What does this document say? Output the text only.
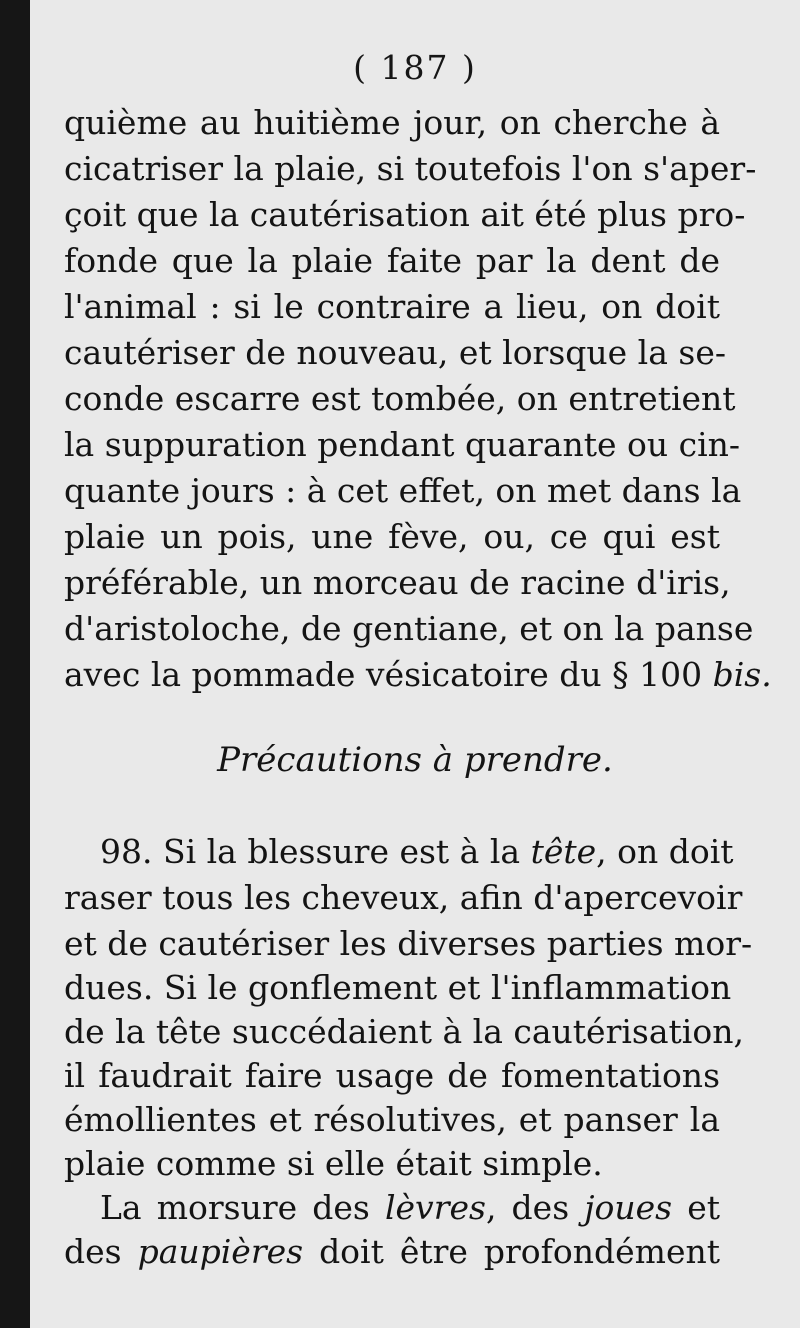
( 187 )
quième au huitième jour, on cherche à
cicatriser la plaie, si toutefois l'on s'aper-
çoit que la cautérisation ait été plus pro-
fonde que la plaie faite par la dent de
l'animal : si le contraire a lieu, on doit
cautériser de nouveau, et lorsque la se-
conde escarre est tombée, on entretient
la suppuration pendant quarante ou cin-
quante jours : à cet effet, on met dans la
plaie un pois, une fève, ou, ce qui est
préférable, un morceau de racine d'iris,
d'aristoloche, de gentiane, et on la panse
avec la pommade vésicatoire du § 100 bis.
Précautions à prendre.
98. Si la blessure est à la tête, on doit
raser tous les cheveux, afin d'apercevoir
et de cautériser les diverses parties mor-
dues. Si le gonflement et l'inflammation
de la tête succédaient à la cautérisation,
il faudrait faire usage de fomentations
émollientes et résolutives, et panser la
plaie comme si elle était simple.
La morsure des lèvres, des joues et
des paupières doit être profondément
